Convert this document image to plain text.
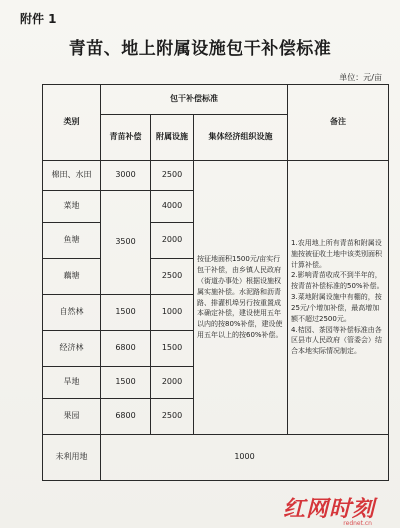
附件 1
青苗、地上附属设施包干补偿标准
单位：元/亩
类别	包干补偿标准			备注
	青苗补偿	附属设施	集体经济组织设施	
棉田、水田	3000	2500	按征地面积1500元/亩实行包干补偿，由乡镇人民政府（街道办事处）根据设施权属实施补偿。水泥路和沥青路、排灌机埠另行按重置成本确定补偿，建设使用五年以内的按80%补偿，建设使用五年以上的按60%补偿。	1.农用地上所有青苗和附属设施按被征收土地中该类别面积计算补偿。
2.影响青苗收成不到半年的，按青苗补偿标准的50%补偿。
3.菜地附属设施中有棚的，按25元/个增加补偿，最高增加额不超过2500元。
4.桔园、茶园等补偿标准由各区县市人民政府（管委会）结合本地实际情况制定。

菜地	3500	4000		
鱼塘		2000		
藕塘		2500		
自然林	1500	1000		
经济林	6800	1500		
旱地	1500	2000		
果园	6800	2500		
未利用地	1000			
红网时刻
rednet.cn
